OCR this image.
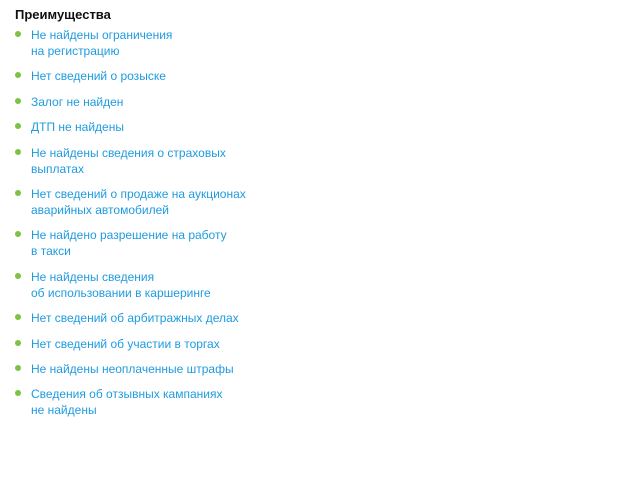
Преимущества
Не найдены ограничения
на регистрацию
Нет сведений о розыске
Залог не найден
ДТП не найдены
Не найдены сведения о страховых
выплатах
Нет сведений о продаже на аукционах
аварийных автомобилей
Не найдено разрешение на работу
в такси
Не найдены сведения
об использовании в каршеринге
Нет сведений об арбитражных делах
Нет сведений об участии в торгах
Не найдены неоплаченные штрафы
Сведения об отзывных кампаниях
не найдены
